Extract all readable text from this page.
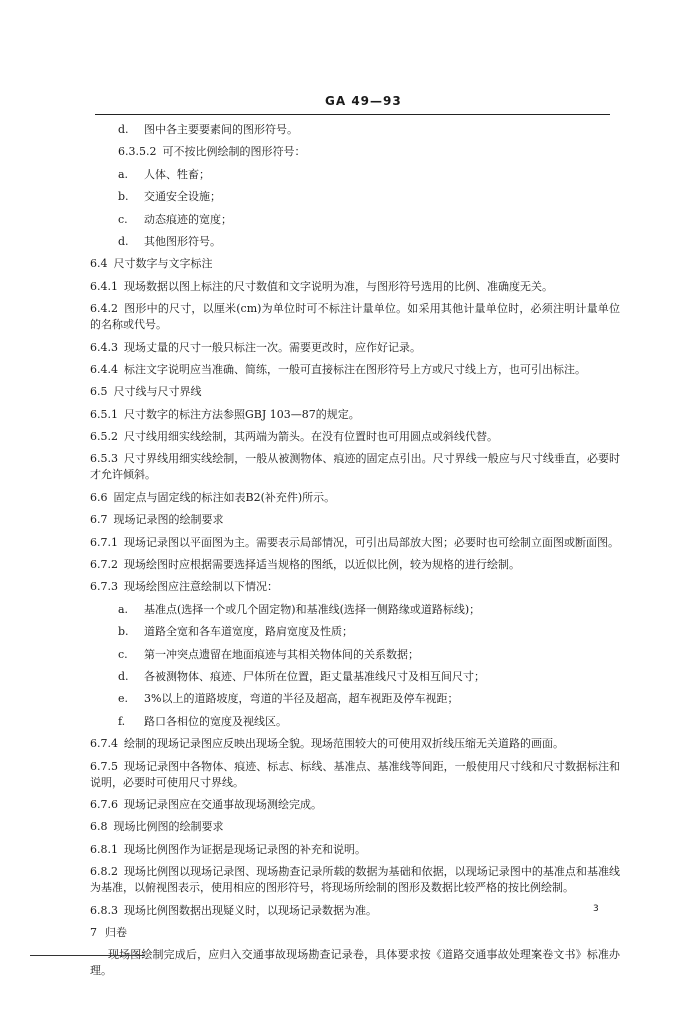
GA 49—93
d. 图中各主要要素间的图形符号。
6.3.5.2 可不按比例绘制的图形符号：
a. 人体、牲畜；
b. 交通安全设施；
c. 动态痕迹的宽度；
d. 其他图形符号。
6.4 尺寸数字与文字标注
6.4.1 现场数据以图上标注的尺寸数值和文字说明为准，与图形符号选用的比例、准确度无关。
6.4.2 图形中的尺寸，以厘米(cm)为单位时可不标注计量单位。如采用其他计量单位时，必须注明计量单位的名称或代号。
6.4.3 现场丈量的尺寸一般只标注一次。需要更改时，应作好记录。
6.4.4 标注文字说明应当准确、简练，一般可直接标注在图形符号上方或尺寸线上方，也可引出标注。
6.5 尺寸线与尺寸界线
6.5.1 尺寸数字的标注方法参照GBJ 103—87的规定。
6.5.2 尺寸线用细实线绘制，其两端为箭头。在没有位置时也可用圆点或斜线代替。
6.5.3 尺寸界线用细实线绘制，一般从被测物体、痕迹的固定点引出。尺寸界线一般应与尺寸线垂直，必要时才允许倾斜。
6.6 固定点与固定线的标注如表B2(补充件)所示。
6.7 现场记录图的绘制要求
6.7.1 现场记录图以平面图为主。需要表示局部情况，可引出局部放大图；必要时也可绘制立面图或断面图。
6.7.2 现场绘图时应根据需要选择适当规格的图纸，以近似比例，较为规格的进行绘制。
6.7.3 现场绘图应注意绘制以下情况：
a. 基准点(选择一个或几个固定物)和基准线(选择一侧路缘或道路标线)；
b. 道路全宽和各车道宽度，路肩宽度及性质；
c. 第一冲突点遗留在地面痕迹与其相关物体间的关系数据；
d. 各被测物体、痕迹、尸体所在位置，距丈量基准线尺寸及相互间尺寸；
e. 3%以上的道路坡度，弯道的半径及超高，超车视距及停车视距；
f. 路口各相位的宽度及视线区。
6.7.4 绘制的现场记录图应反映出现场全貌。现场范围较大的可使用双折线压缩无关道路的画面。
6.7.5 现场记录图中各物体、痕迹、标志、标线、基准点、基准线等间距，一般使用尺寸线和尺寸数据标注和说明，必要时可使用尺寸界线。
6.7.6 现场记录图应在交通事故现场测绘完成。
6.8 现场比例图的绘制要求
6.8.1 现场比例图作为证据是现场记录图的补充和说明。
6.8.2 现场比例图以现场记录图、现场勘查记录所载的数据为基础和依据，以现场记录图中的基准点和基准线为基准，以俯视图表示，使用相应的图形符号，将现场所绘制的图形及数据比较严格的按比例绘制。
6.8.3 现场比例图数据出现疑义时，以现场记录数据为准。
7 归卷
现场图绘制完成后，应归入交通事故现场勘查记录卷，具体要求按《道路交通事故处理案卷文书》标准办理。
3
